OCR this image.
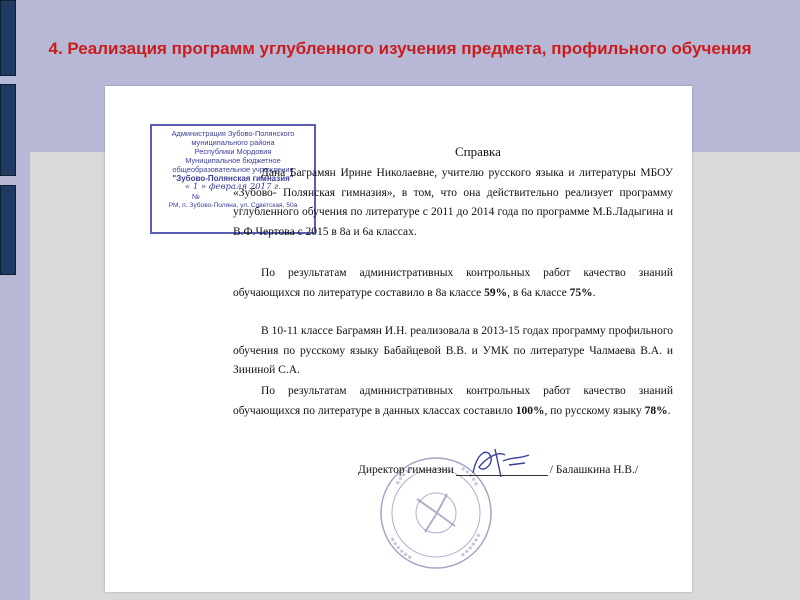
4. Реализация программ углубленного изучения предмета, профильного обучения
Администрация Зубово-Полянского
муниципального района
Республики Мордовия
Муниципальное бюджетное
общеобразовательное учреждение
"Зубово-Полянская гимназия"
« 1 » февраля 2017 г.
№
РМ, п. Зубово-Поляна, ул. Советская, 50а
Справка

Дана Баграмян Ирине Николаевне, учителю русского языка и литературы МБОУ «Зубово- Полянская гимназия», в том, что она действительно реализует программу углубленного обучения по литературе с 2011 до 2014 года по программе М.Б.Ладыгина и В.Ф.Чертова с 2015 в 8а и 6а классах.

По результатам административных контрольных работ качество знаний обучающихся по литературе составило в 8а классе 59%, в 6а классе 75%.

В 10-11 классе Баграмян И.Н. реализовала в 2013-15 годах программу профильного обучения по русскому языку Бабайцевой В.В. и УМК по литературе Чалмаева В.А. и Зининой С.А.

По результатам административных контрольных работ качество знаний обучающихся по литературе в данных классах составило 100%, по русскому языку 78%.

Директор гимназии	/ Балашкина Н.В./
